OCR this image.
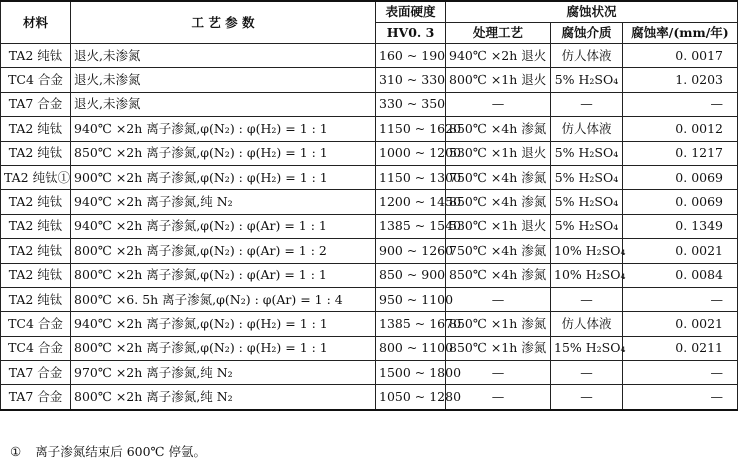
材料	工 艺 参 数	表面硬度	腐蚀状况		
		HV0. 3	处理工艺	腐蚀介质	腐蚀率/(mm/年)
TA2 纯钛	退火,未渗氮	160 ~ 190	940℃ ×2h 退火	仿人体液	0. 0017
TC4 合金	退火,未渗氮	310 ~ 330	800℃ ×1h 退火	5% H₂SO₄	1. 0203
TA7 合金	退火,未渗氮	330 ~ 350	—	—	—
TA2 纯钛	940℃ ×2h 离子渗氮,φ(N₂) : φ(H₂) = 1 : 1	1150 ~ 1620	850℃ ×4h 渗氮	仿人体液	0. 0012
TA2 纯钛	850℃ ×2h 离子渗氮,φ(N₂) : φ(H₂) = 1 : 1	1000 ~ 1200	530℃ ×1h 退火	5% H₂SO₄	0. 1217
TA2 纯钛①	900℃ ×2h 离子渗氮,φ(N₂) : φ(H₂) = 1 : 1	1150 ~ 1300	750℃ ×4h 渗氮	5% H₂SO₄	0. 0069
TA2 纯钛	940℃ ×2h 离子渗氮,纯 N₂	1200 ~ 1450	850℃ ×4h 渗氮	5% H₂SO₄	0. 0069
TA2 纯钛	940℃ ×2h 离子渗氮,φ(N₂) : φ(Ar) = 1 : 1	1385 ~ 1540	530℃ ×1h 退火	5% H₂SO₄	0. 1349
TA2 纯钛	800℃ ×2h 离子渗氮,φ(N₂) : φ(Ar) = 1 : 2	900 ~ 1260	750℃ ×4h 渗氮	10% H₂SO₄	0. 0021
TA2 纯钛	800℃ ×2h 离子渗氮,φ(N₂) : φ(Ar) = 1 : 1	850 ~ 900	850℃ ×4h 渗氮	10% H₂SO₄	0. 0084
TA2 纯钛	800℃ ×6. 5h 离子渗氮,φ(N₂) : φ(Ar) = 1 : 4	950 ~ 1100	—	—	—
TC4 合金	940℃ ×2h 离子渗氮,φ(N₂) : φ(H₂) = 1 : 1	1385 ~ 1670	850℃ ×1h 渗氮	仿人体液	0. 0021
TC4 合金	800℃ ×2h 离子渗氮,φ(N₂) : φ(H₂) = 1 : 1	800 ~ 1100	850℃ ×1h 渗氮	15% H₂SO₄	0. 0211
TA7 合金	970℃ ×2h 离子渗氮,纯 N₂	1500 ~ 1800	—	—	—
TA7 合金	800℃ ×2h 离子渗氮,纯 N₂	1050 ~ 1280	—	—	—
① 离子渗氮结束后 600℃ 停氩。
